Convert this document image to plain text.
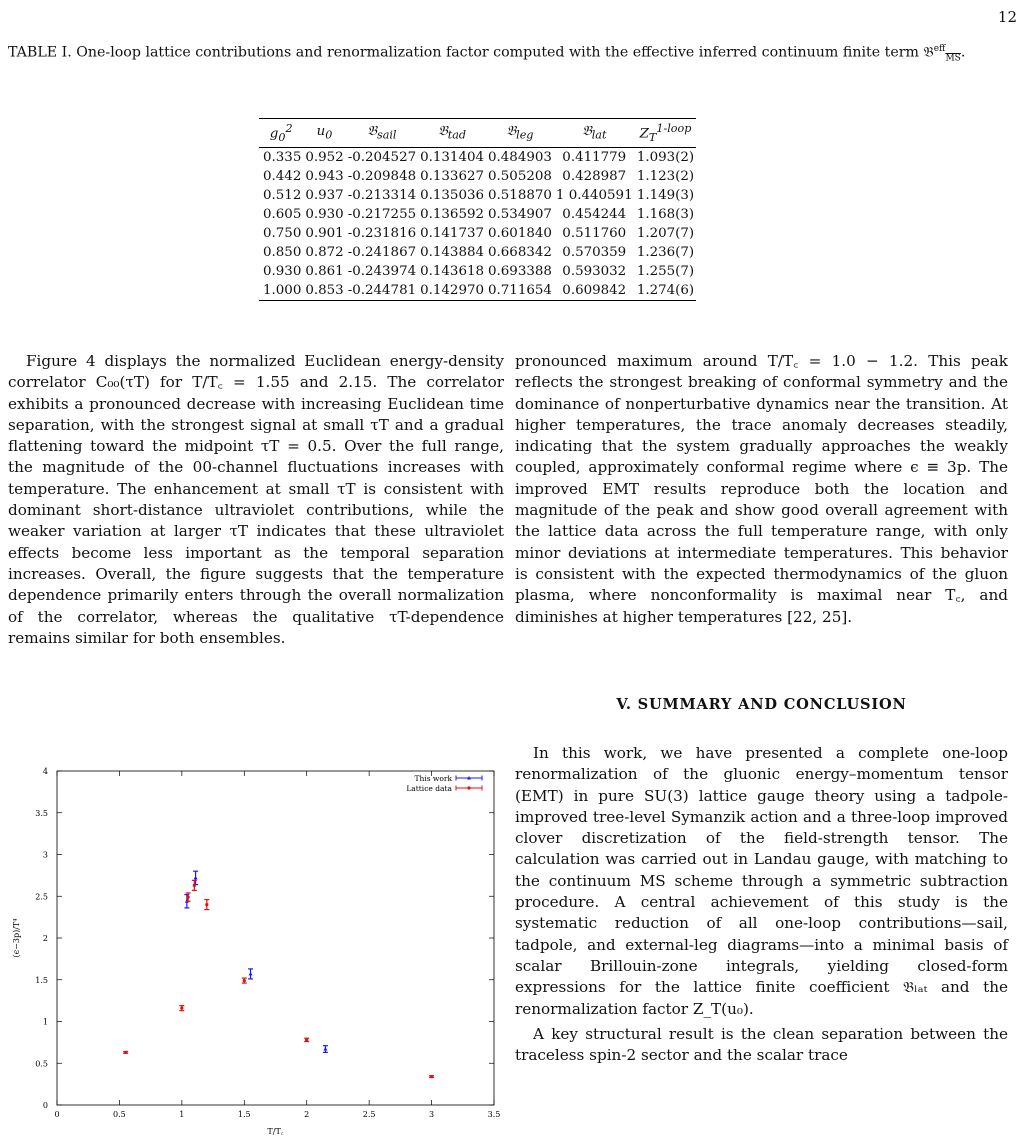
12
TABLE I. One-loop lattice contributions and renormalization factor computed with the effective inferred continuum finite term 𝔅$^{eff}_{\overline{MS}}$.
$g_0^2$	$u_0$	𝔅$_{sail}$	𝔅$_{tad}$	𝔅$_{leg}$	𝔅$_{lat}$	$Z_T^{1-loop}$
0.335	0.952	-0.204527	0.131404	0.484903	0.411779	1.093(2)
0.442	0.943	-0.209848	0.133627	0.505208	0.428987	1.123(2)
0.512	0.937	-0.213314	0.135036	0.518870	1 0.440591	1.149(3)
0.605	0.930	-0.217255	0.136592	0.534907	0.454244	1.168(3)
0.750	0.901	-0.231816	0.141737	0.601840	0.511760	1.207(7)
0.850	0.872	-0.241867	0.143884	0.668342	0.570359	1.236(7)
0.930	0.861	-0.243974	0.143618	0.693388	0.593032	1.255(7)
1.000	0.853	-0.244781	0.142970	0.711654	0.609842	1.274(6)

Figure 4 displays the normalized Euclidean energy-density correlator C₀₀(τT) for T/T꜀ = 1.55 and 2.15. The correlator exhibits a pronounced decrease with increasing Euclidean time separation, with the strongest signal at small τT and a gradual flattening toward the midpoint τT = 0.5. Over the full range, the magnitude of the 00-channel fluctuations increases with temperature. The enhancement at small τT is consistent with dominant short-distance ultraviolet contributions, while the weaker variation at larger τT indicates that these ultraviolet effects become less important as the temporal separation increases. Overall, the figure suggests that the temperature dependence primarily enters through the overall normalization of the correlator, whereas the qualitative τT-dependence remains similar for both ensembles.

pronounced maximum around T/T꜀ = 1.0 − 1.2. This peak reflects the strongest breaking of conformal symmetry and the dominance of nonperturbative dynamics near the transition. At higher temperatures, the trace anomaly decreases steadily, indicating that the system gradually approaches the weakly coupled, approximately conformal regime where ϵ ≡ 3p. The improved EMT results reproduce both the location and magnitude of the peak and show good overall agreement with the lattice data across the full temperature range, with only minor deviations at intermediate temperatures. This behavior is consistent with the expected thermodynamics of the gluon plasma, where nonconformality is maximal near T꜀, and diminishes at higher temperatures [22, 25].

V. SUMMARY AND CONCLUSION

In this work, we have presented a complete one-loop renormalization of the gluonic energy–momentum tensor (EMT) in pure SU(3) lattice gauge theory using a tadpole-improved tree-level Symanzik action and a three-loop improved clover discretization of the field-strength tensor. The calculation was carried out in Landau gauge, with matching to the continuum MS scheme through a symmetric subtraction procedure. A central achievement of this study is the systematic reduction of all one-loop contributions—sail, tadpole, and external-leg diagrams—into a minimal basis of scalar Brillouin-zone integrals, yielding closed-form expressions for the lattice finite coefficient 𝔅ₗₐₜ and the renormalization factor Z_T(u₀).

A key structural result is the clean separation between the traceless spin-2 sector and the scalar trace

0	0.5	1	1.5	2	2.5	3	3.5
0
0.5
1
1.5
2
2.5
3
3.5
4
T/T꜀
(ϵ−3p)/T⁴
This work
Lattice data
